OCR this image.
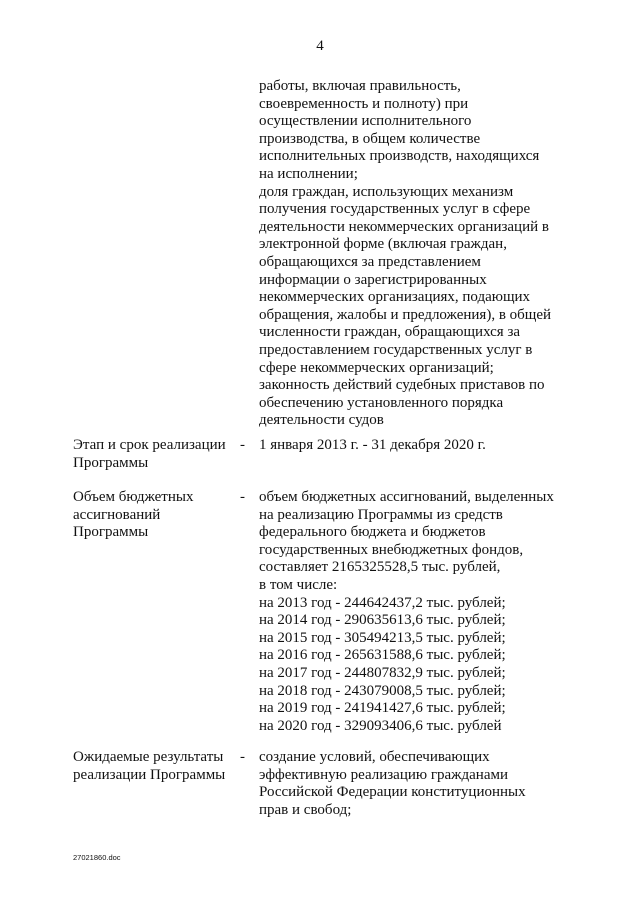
4
работы, включая правильность,
своевременность и полноту) при
осуществлении исполнительного
производства, в общем количестве
исполнительных производств, находящихся
на исполнении;
доля граждан, использующих механизм
получения государственных услуг в сфере
деятельности некоммерческих организаций в
электронной форме (включая граждан,
обращающихся за представлением
информации о зарегистрированных
некоммерческих организациях, подающих
обращения, жалобы и предложения), в общей
численности граждан, обращающихся за
предоставлением государственных услуг в
сфере некоммерческих организаций;
законность действий судебных приставов по
обеспечению установленного порядка
деятельности судов
Этап и срок реализации
Программы
- 1 января 2013 г. - 31 декабря 2020 г.
Объем бюджетных
ассигнований
Программы
- объем бюджетных ассигнований, выделенных
на реализацию Программы из средств
федерального бюджета и бюджетов
государственных внебюджетных фондов,
составляет 2165325528,5 тыс. рублей,
в том числе:
на 2013 год - 244642437,2 тыс. рублей;
на 2014 год - 290635613,6 тыс. рублей;
на 2015 год - 305494213,5 тыс. рублей;
на 2016 год - 265631588,6 тыс. рублей;
на 2017 год - 244807832,9 тыс. рублей;
на 2018 год - 243079008,5 тыс. рублей;
на 2019 год - 241941427,6 тыс. рублей;
на 2020 год - 329093406,6 тыс. рублей
Ожидаемые результаты
реализации Программы
- создание условий, обеспечивающих
эффективную реализацию гражданами
Российской Федерации конституционных
прав и свобод;
27021860.doc
